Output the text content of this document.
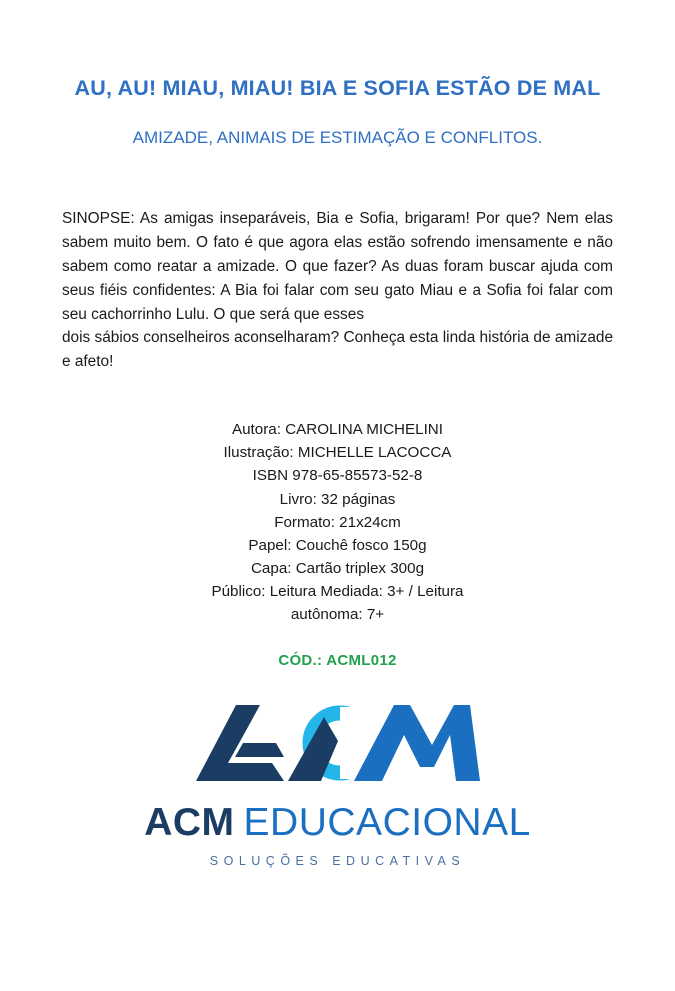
AU, AU! MIAU, MIAU! BIA E SOFIA ESTÃO DE MAL
AMIZADE, ANIMAIS DE ESTIMAÇÃO E CONFLITOS.

SINOPSE: As amigas inseparáveis, Bia e Sofia, brigaram! Por que? Nem elas sabem muito bem. O fato é que agora elas estão sofrendo imensamente e não sabem como reatar a amizade. O que fazer? As duas foram buscar ajuda com seus fiéis confidentes: A Bia foi falar com seu gato Miau e a Sofia foi falar com seu cachorrinho Lulu. O que será que esses
dois sábios conselheiros aconselharam? Conheça esta linda história de amizade e afeto!

Autora: CAROLINA MICHELINI
Ilustração: MICHELLE LACOCCA
ISBN 978-65-85573-52-8
Livro: 32 páginas
Formato: 21x24cm
Papel: Couchê fosco 150g
Capa: Cartão triplex 300g
Público: Leitura Mediada: 3+ / Leitura
autônoma: 7+

CÓD.: ACML012

ACM EDUCACIONAL
SOLUÇÕES EDUCATIVAS
